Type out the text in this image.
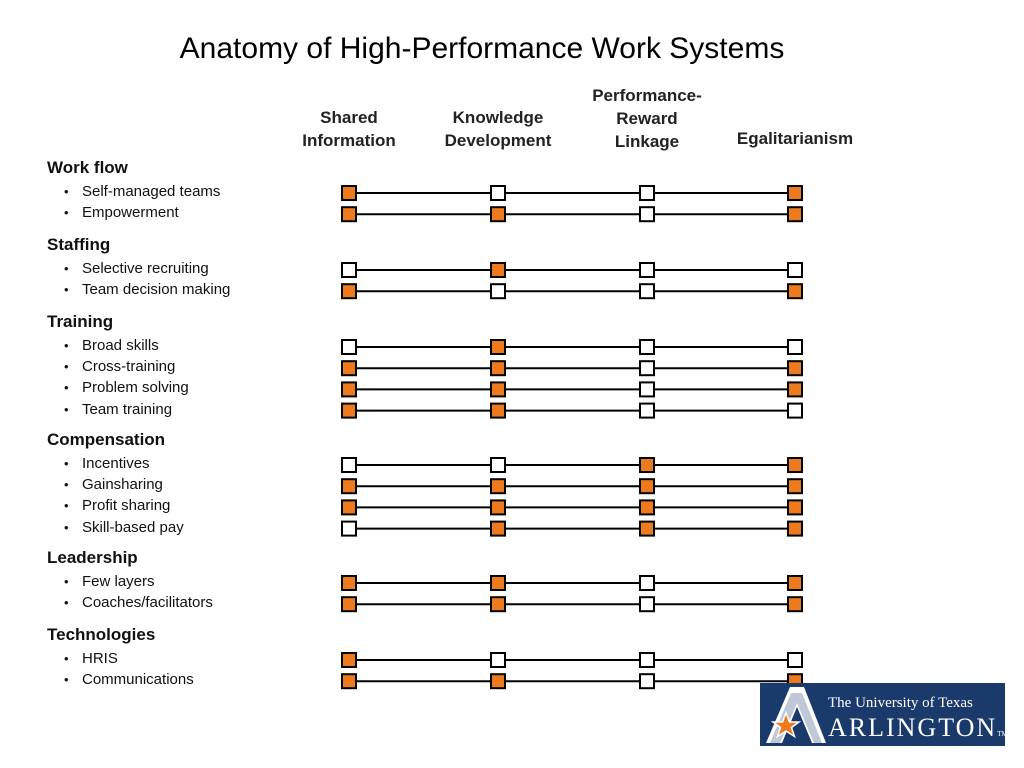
Anatomy of High-Performance Work Systems
Shared
Information
Knowledge
Development
Performance-
Reward
Linkage	Egalitarianism
Work flow
• Self-managed teams
• Empowerment
Staffing
• Selective recruiting
• Team decision making
Training
• Broad skills
• Cross-training
• Problem solving
• Team training
Compensation
• Incentives
• Gainsharing
• Profit sharing
• Skill-based pay
Leadership
• Few layers
• Coaches/facilitators
Technologies
• HRIS
• Communications
The University of Texas
ARLINGTONTM
